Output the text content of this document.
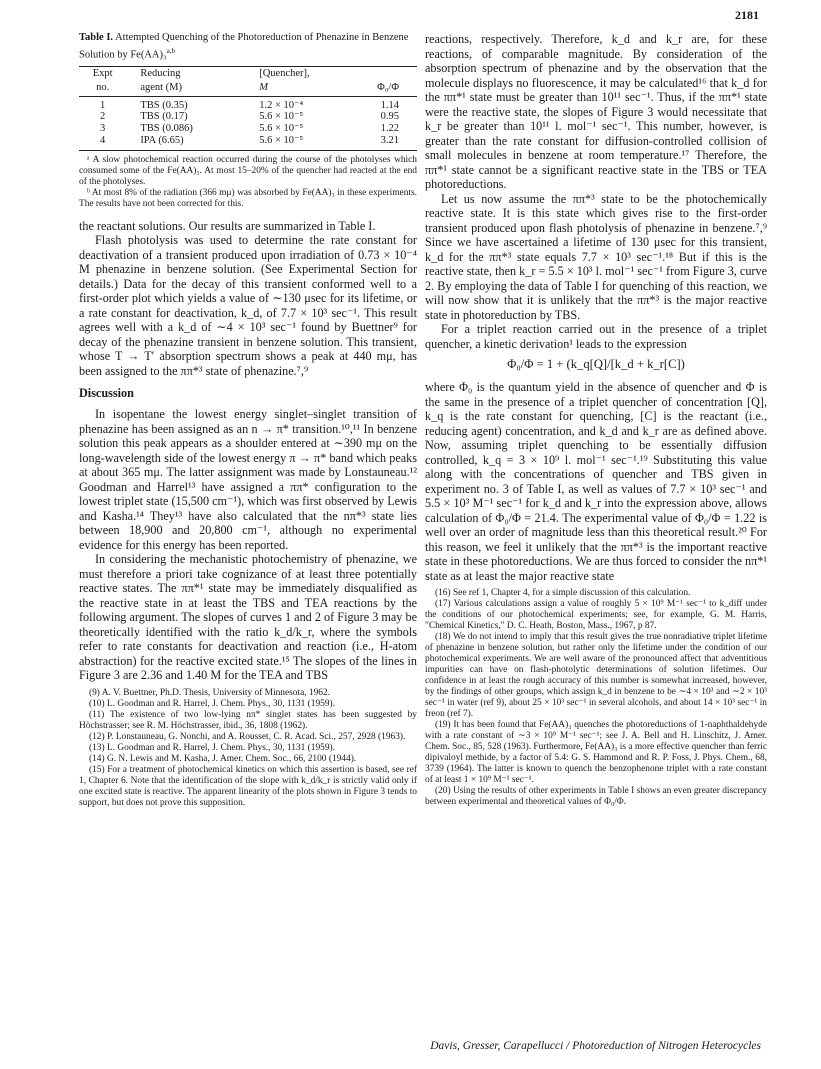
2181
Table I. Attempted Quenching of the Photoreduction of Phenazine in Benzene Solution by Fe(AA)₃$^{a,b}$
Expt	Reducing	[Quencher],	
no.	agent (M)	M	Φ₀/Φ
1	TBS (0.35)	1.2 × 10⁻⁴	1.14
2	TBS (0.17)	5.6 × 10⁻⁵	0.95
3	TBS (0.086)	5.6 × 10⁻⁵	1.22
4	IPA (6.65)	5.6 × 10⁻⁵	3.21

ᵃ A slow photochemical reaction occurred during the course of the photolyses which consumed some of the Fe(AA)₃. At most 15–20% of the quencher had reacted at the end of the photolyses.

ᵇ At most 8% of the radiation (366 mμ) was absorbed by Fe(AA)₃ in these experiments. The results have not been corrected for this.

the reactant solutions. Our results are summarized in Table I.

Flash photolysis was used to determine the rate constant for deactivation of a transient produced upon irradiation of 0.73 × 10⁻⁴ M phenazine in benzene solution. (See Experimental Section for details.) Data for the decay of this transient conformed well to a first-order plot which yields a value of ∼130 μsec for its lifetime, or a rate constant for deactivation, k_d, of 7.7 × 10³ sec⁻¹. This result agrees well with a k_d of ∼4 × 10³ sec⁻¹ found by Buettner⁹ for decay of the phenazine transient in benzene solution. This transient, whose T → T′ absorption spectrum shows a peak at 440 mμ, has been assigned to the ππ*³ state of phenazine.⁷,⁹

Discussion

In isopentane the lowest energy singlet–singlet transition of phenazine has been assigned as an n → π* transition.¹⁰,¹¹ In benzene solution this peak appears as a shoulder entered at ∼390 mμ on the long-wavelength side of the lowest energy π → π* band which peaks at about 365 mμ. The latter assignment was made by Lonstauneau.¹² Goodman and Harrel¹³ have assigned a ππ* configuration to the lowest triplet state (15,500 cm⁻¹), which was first observed by Lewis and Kasha.¹⁴ They¹³ have also calculated that the nπ*³ state lies between 18,900 and 20,800 cm⁻¹, although no experimental evidence for this energy has been reported.

In considering the mechanistic photochemistry of phenazine, we must therefore a priori take cognizance of at least three potentially reactive states. The ππ*¹ state may be immediately disqualified as the reactive state in at least the TBS and TEA reactions by the following argument. The slopes of curves 1 and 2 of Figure 3 may be theoretically identified with the ratio k_d/k_r, where the symbols refer to rate constants for deactivation and reaction (i.e., H-atom abstraction) for the reactive excited state.¹⁵ The slopes of the lines in Figure 3 are 2.36 and 1.40 M for the TEA and TBS

(9) A. V. Buettner, Ph.D. Thesis, University of Minnesota, 1962.

(10) L. Goodman and R. Harrel, J. Chem. Phys., 30, 1131 (1959).

(11) The existence of two low-lying nπ* singlet states has been suggested by Höchstrasser; see R. M. Höchstrasser, ibid., 36, 1808 (1962).

(12) P. Lonstauneau, G. Nonchi, and A. Rousset, C. R. Acad. Sci., 257, 2928 (1963).

(13) L. Goodman and R. Harrel, J. Chem. Phys., 30, 1131 (1959).

(14) G. N. Lewis and M. Kasha, J. Amer. Chem. Soc., 66, 2100 (1944).

(15) For a treatment of photochemical kinetics on which this assertion is based, see ref 1, Chapter 6. Note that the identification of the slope with k_d/k_r is strictly valid only if one excited state is reactive. The apparent linearity of the plots shown in Figure 3 tends to support, but does not prove this supposition.

reactions, respectively. Therefore, k_d and k_r are, for these reactions, of comparable magnitude. By consideration of the absorption spectrum of phenazine and by the observation that the molecule displays no fluorescence, it may be calculated¹⁶ that k_d for the ππ*¹ state must be greater than 10¹¹ sec⁻¹. Thus, if the ππ*¹ state were the reactive state, the slopes of Figure 3 would necessitate that k_r be greater than 10¹¹ l. mol⁻¹ sec⁻¹. This number, however, is greater than the rate constant for diffusion-controlled collision of small molecules in benzene at room temperature.¹⁷ Therefore, the ππ*¹ state cannot be a significant reactive state in the TBS or TEA photoreductions.

Let us now assume the ππ*³ state to be the photochemically reactive state. It is this state which gives rise to the first-order transient produced upon flash photolysis of phenazine in benzene.⁷,⁹ Since we have ascertained a lifetime of 130 μsec for this transient, k_d for the ππ*³ state equals 7.7 × 10³ sec⁻¹.¹⁸ But if this is the reactive state, then k_r = 5.5 × 10³ l. mol⁻¹ sec⁻¹ from Figure 3, curve 2. By employing the data of Table I for quenching of this reaction, we will now show that it is unlikely that the ππ*³ is the major reactive state in photoreduction by TBS.

For a triplet reaction carried out in the presence of a triplet quencher, a kinetic derivation¹ leads to the expression

Φ₀/Φ = 1 + (k_q[Q]/[k_d + k_r[C])

where Φ₀ is the quantum yield in the absence of quencher and Φ is the same in the presence of a triplet quencher of concentration [Q], k_q is the rate constant for quenching, [C] is the reactant (i.e., reducing agent) concentration, and k_d and k_r are as defined above. Now, assuming triplet quenching to be essentially diffusion controlled, k_q = 3 × 10⁹ l. mol⁻¹ sec⁻¹.¹⁹ Substituting this value along with the concentrations of quencher and TBS given in experiment no. 3 of Table I, as well as values of 7.7 × 10³ sec⁻¹ and 5.5 × 10³ M⁻¹ sec⁻¹ for k_d and k_r into the expression above, allows calculation of Φ₀/Φ = 21.4. The experimental value of Φ₀/Φ = 1.22 is well over an order of magnitude less than this theoretical result.²⁰ For this reason, we feel it unlikely that the ππ*³ is the important reactive state in these photoreductions. We are thus forced to consider the nπ*¹ state as at least the major reactive state

(16) See ref 1, Chapter 4, for a simple discussion of this calculation.

(17) Various calculations assign a value of roughly 5 × 10⁹ M⁻¹ sec⁻¹ to k_diff under the conditions of our photochemical experiments; see, for example, G. M. Harris, "Chemical Kinetics," D. C. Heath, Boston, Mass., 1967, p 87.

(18) We do not intend to imply that this result gives the true nonradiative triplet lifetime of phenazine in benzene solution, but rather only the lifetime under the condition of our photochemical experiments. We are well aware of the pronounced affect that adventitious impurities can have on flash-photolytic determinations of solution lifetimes. Our confidence in at least the rough accuracy of this number is somewhat increased, however, by the findings of other groups, which assign k_d in benzene to be ∼4 × 10³ and ∼2 × 10³ sec⁻¹ in water (ref 9), about 25 × 10³ sec⁻¹ in several alcohols, and about 14 × 10³ sec⁻¹ in freon (ref 7).

(19) It has been found that Fe(AA)₃ quenches the photoreductions of 1-naphthaldehyde with a rate constant of ∼3 × 10⁹ M⁻¹ sec⁻¹; see J. A. Bell and H. Linschitz, J. Amer. Chem. Soc., 85, 528 (1963). Furthermore, Fe(AA)₃ is a more effective quencher than ferric dipivaloyl methide, by a factor of 5.4: G. S. Hammond and R. P. Foss, J. Phys. Chem., 68, 3739 (1964). The latter is known to quench the benzophenone triplet with a rate constant of at least 1 × 10⁹ M⁻¹ sec⁻¹.

(20) Using the results of other experiments in Table I shows an even greater discrepancy between experimental and theoretical values of Φ₀/Φ.

Davis, Gresser, Carapellucci / Photoreduction of Nitrogen Heterocycles
